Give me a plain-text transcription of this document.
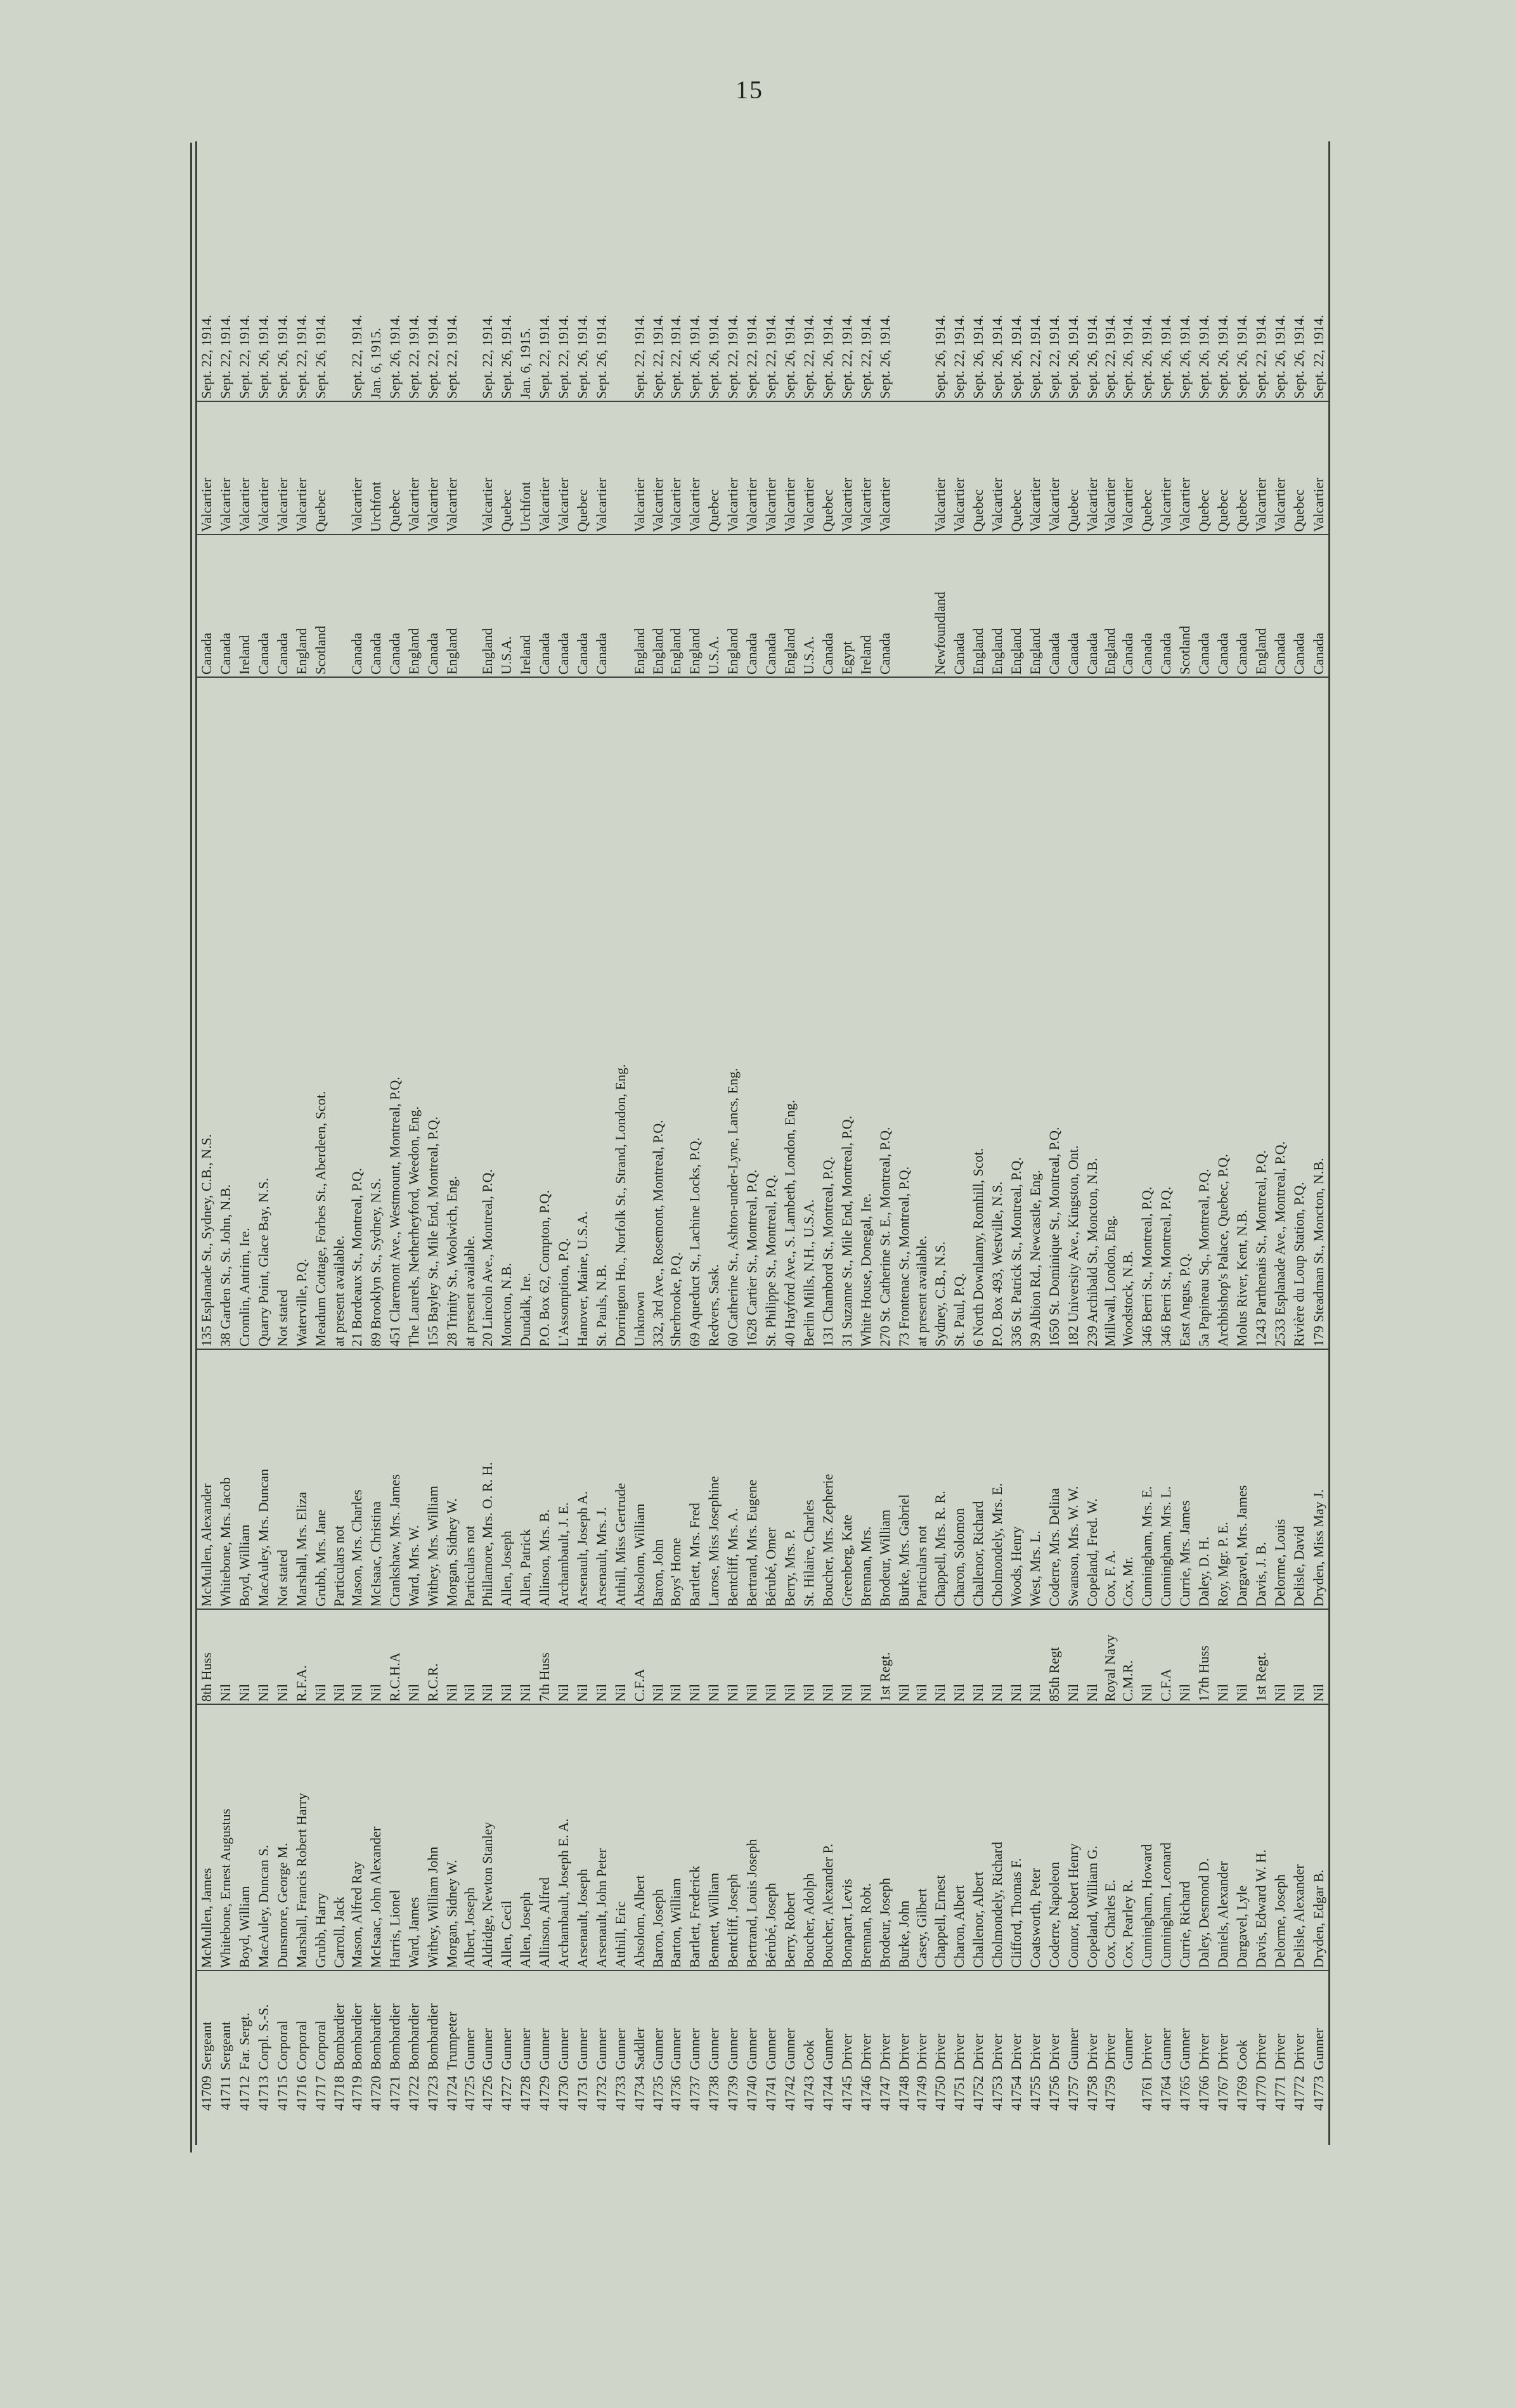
15
41709	Sergeant	McMullen, James	8th Huss	McMullen, Alexander	135 Esplanade St., Sydney, C.B., N.S.	Canada	Valcartier	Sept. 22, 1914.
41711	Sergeant	Whitebone, Ernest Augustus	Nil	Whitebone, Mrs. Jacob	38 Garden St., St. John, N.B.	Canada	Valcartier	Sept. 22, 1914.
41712	Far. Sergt.	Boyd, William	Nil	Boyd, William	Cromlin, Antrim, Ire.	Ireland	Valcartier	Sept. 22, 1914.
41713	Corpl. S.-S.	MacAuley, Duncan S.	Nil	MacAuley, Mrs. Duncan	Quarry Point, Glace Bay, N.S.	Canada	Valcartier	Sept. 26, 1914.
41715	Corporal	Dunsmore, George M.	Nil	Not stated	Not stated	Canada	Valcartier	Sept. 26, 1914.
41716	Corporal	Marshall, Francis Robert Harry	R.F.A.	Marshall, Mrs. Eliza	Waterville, P.Q.	England	Valcartier	Sept. 22, 1914.
41717	Corporal	Grubb, Harry	Nil	Grubb, Mrs. Jane	Meadum Cottage, Forbes St., Aberdeen, Scot.	Scotland	Quebec	Sept. 26, 1914.
41718	Bombardier	Carroll, Jack	Nil	Particulars not	at present available.			
41719	Bombardier	Mason, Alfred Ray	Nil	Mason, Mrs. Charles	21 Bordeaux St., Montreal, P.Q.	Canada	Valcartier	Sept. 22, 1914.
41720	Bombardier	McIsaac, John Alexander	Nil	McIsaac, Christina	89 Brooklyn St., Sydney, N.S.	Canada	Urchfont	Jan. 6, 1915.
41721	Bombardier	Harris, Lionel	R.C.H.A	Crankshaw, Mrs. James	451 Claremont Ave., Westmount, Montreal, P.Q.	Canada	Quebec	Sept. 26, 1914.
41722	Bombardier	Ward, James	Nil	Ward, Mrs. W.	The Laurels, Netherheyford, Weedon, Eng.	England	Valcartier	Sept. 22, 1914.
41723	Bombardier	Withey, William John	R.C.R.	Withey, Mrs. William	155 Bayley St., Mile End, Montreal, P.Q.	Canada	Valcartier	Sept. 22, 1914.
41724	Trumpeter	Morgan, Sidney W.	Nil	Morgan, Sidney W.	28 Trinity St., Woolwich, Eng.	England	Valcartier	Sept. 22, 1914.
41725	Gunner	Albert, Joseph	Nil	Particulars not	at present available.			
41726	Gunner	Aldridge, Newton Stanley	Nil	Phillamore, Mrs. O. R. H.	20 Lincoln Ave., Montreal, P.Q.	England	Valcartier	Sept. 22, 1914.
41727	Gunner	Allen, Cecil	Nil	Allen, Joseph	Moncton, N.B.	U.S.A.	Quebec	Sept. 26, 1914.
41728	Gunner	Allen, Joseph	Nil	Allen, Patrick	Dundalk, Ire.	Ireland	Urchfont	Jan. 6, 1915.
41729	Gunner	Allinson, Alfred	7th Huss	Allinson, Mrs. B.	P.O. Box 62, Compton, P.Q.	Canada	Valcartier	Sept. 22, 1914.
41730	Gunner	Archambault, Joseph E. A.	Nil	Archambault, J. E.	L'Assomption, P.Q.	Canada	Valcartier	Sept. 22, 1914.
41731	Gunner	Arsenault, Joseph	Nil	Arsenault, Joseph A.	Hanover, Maine, U.S.A.	Canada	Quebec	Sept. 26, 1914.
41732	Gunner	Arsenault, John Peter	Nil	Arsenault, Mrs. J.	St. Pauls, N.B.	Canada	Valcartier	Sept. 26, 1914.
41733	Gunner	Atthill, Eric	Nil	Atthill, Miss Gertrude	Dorrington Ho., Norfolk St., Strand, London, Eng.			
41734	Saddler	Absolom, Albert	C.F.A	Absolom, William	Unknown	England	Valcartier	Sept. 22, 1914.
41735	Gunner	Baron, Joseph	Nil	Baron, John	332, 3rd Ave., Rosemont, Montreal, P.Q.	England	Valcartier	Sept. 22, 1914.
41736	Gunner	Barton, William	Nil	Boys' Home	Sherbrooke, P.Q.	England	Valcartier	Sept. 22, 1914.
41737	Gunner	Bartlett, Frederick	Nil	Bartlett, Mrs. Fred	69 Aqueduct St., Lachine Locks, P.Q.	England	Valcartier	Sept. 26, 1914.
41738	Gunner	Bennett, William	Nil	Larose, Miss Josephine	Redvers, Sask.	U.S.A.	Quebec	Sept. 26, 1914.
41739	Gunner	Bentcliff, Joseph	Nil	Bentcliff, Mrs. A.	60 Catherine St., Ashton-under-Lyne, Lancs, Eng.	England	Valcartier	Sept. 22, 1914.
41740	Gunner	Bertrand, Louis Joseph	Nil	Bertrand, Mrs. Eugene	1628 Cartier St., Montreal, P.Q.	Canada	Valcartier	Sept. 22, 1914.
41741	Gunner	Bérubé, Joseph	Nil	Bérubé, Omer	St. Philippe St., Montreal, P.Q.	Canada	Valcartier	Sept. 22, 1914.
41742	Gunner	Berry, Robert	Nil	Berry, Mrs. P.	40 Hayford Ave., S. Lambeth, London, Eng.	England	Valcartier	Sept. 26, 1914.
41743	Cook	Boucher, Adolph	Nil	St. Hilaire, Charles	Berlin Mills, N.H., U.S.A.	U.S.A.	Valcartier	Sept. 22, 1914.
41744	Gunner	Boucher, Alexander P.	Nil	Boucher, Mrs. Zepherie	131 Chambord St., Montreal, P.Q.	Canada	Quebec	Sept. 26, 1914.
41745	Driver	Bonapart, Levis	Nil	Greenberg, Kate	31 Suzanne St., Mile End, Montreal, P.Q.	Egypt	Valcartier	Sept. 22, 1914.
41746	Driver	Brennan, Robt.	Nil	Brennan, Mrs.	White House, Donegal, Ire.	Ireland	Valcartier	Sept. 22, 1914.
41747	Driver	Brodeur, Joseph	1st Regt.	Brodeur, William	270 St. Catherine St. E., Montreal, P.Q.	Canada	Valcartier	Sept. 26, 1914.
41748	Driver	Burke, John	Nil	Burke, Mrs. Gabriel	73 Frontenac St., Montreal, P.Q.			
41749	Driver	Casey, Gilbert	Nil	Particulars not	at present available.			
41750	Driver	Chappell, Ernest	Nil	Chappell, Mrs. R. R.	Sydney, C.B., N.S.	Newfoundland	Valcartier	Sept. 26, 1914.
41751	Driver	Charon, Albert	Nil	Charon, Solomon	St. Paul, P.Q.	Canada	Valcartier	Sept. 22, 1914.
41752	Driver	Challenor, Albert	Nil	Challenor, Richard	6 North Downlanny, Romhill, Scot.	England	Quebec	Sept. 26, 1914.
41753	Driver	Cholmondely, Richard	Nil	Cholmondely, Mrs. E.	P.O. Box 493, Westville, N.S.	England	Valcartier	Sept. 26, 1914.
41754	Driver	Clifford, Thomas F.	Nil	Woods, Henry	336 St. Patrick St., Montreal, P.Q.	England	Quebec	Sept. 26, 1914.
41755	Driver	Coatsworth, Peter	Nil	West, Mrs. L.	39 Albion Rd., Newcastle, Eng.	England	Valcartier	Sept. 22, 1914.
41756	Driver	Coderre, Napoleon	85th Regt	Coderre, Mrs. Delina	1650 St. Dominique St., Montreal, P.Q.	Canada	Valcartier	Sept. 22, 1914.
41757	Gunner	Connor, Robert Henry	Nil	Swanson, Mrs. W. W.	182 University Ave., Kingston, Ont.	Canada	Quebec	Sept. 26, 1914.
41758	Driver	Copeland, William G.	Nil	Copeland, Fred. W.	239 Archibald St., Moncton, N.B.	Canada	Valcartier	Sept. 26, 1914.
41759	Driver	Cox, Charles E.	Royal Navy	Cox, F. A.	Millwall, London, Eng.	England	Valcartier	Sept. 22, 1914.
	Gunner	Cox, Pearley R.	C.M.R.	Cox, Mr.	Woodstock, N.B.	Canada	Valcartier	Sept. 26, 1914.
41761	Driver	Cunningham, Howard	Nil	Cunningham, Mrs. E.	346 Berri St., Montreal, P.Q.	Canada	Quebec	Sept. 26, 1914.
41764	Gunner	Cunningham, Leonard	C.F.A	Cunningham, Mrs. L.	346 Berri St., Montreal, P.Q.	Canada	Valcartier	Sept. 26, 1914.
41765	Gunner	Currie, Richard	Nil	Currie, Mrs. James	East Angus, P.Q.	Scotland	Valcartier	Sept. 26, 1914.
41766	Driver	Daley, Desmond D.	17th Huss	Daley, D. H.	5a Papineau Sq., Montreal, P.Q.	Canada	Quebec	Sept. 26, 1914.
41767	Driver	Daniels, Alexander	Nil	Roy, Mgr. P. E.	Archbishop's Palace, Quebec, P.Q.	Canada	Quebec	Sept. 26, 1914.
41769	Cook	Dargavel, Lyle	Nil	Dargavel, Mrs. James	Molus River, Kent, N.B.	Canada	Quebec	Sept. 26, 1914.
41770	Driver	Davis, Edward W. H.	1st Regt.	Davis, J. B.	1243 Parthenais St., Montreal, P.Q.	England	Valcartier	Sept. 22, 1914.
41771	Driver	Delorme, Joseph	Nil	Delorme, Louis	2533 Esplanade Ave., Montreal, P.Q.	Canada	Valcartier	Sept. 26, 1914.
41772	Driver	Delisle, Alexander	Nil	Delisle, David	Rivière du Loup Station, P.Q.	Canada	Quebec	Sept. 26, 1914.
41773	Gunner	Dryden, Edgar B.	Nil	Dryden, Miss May J.	179 Steadman St., Moncton, N.B.	Canada	Valcartier	Sept. 22, 1914.
